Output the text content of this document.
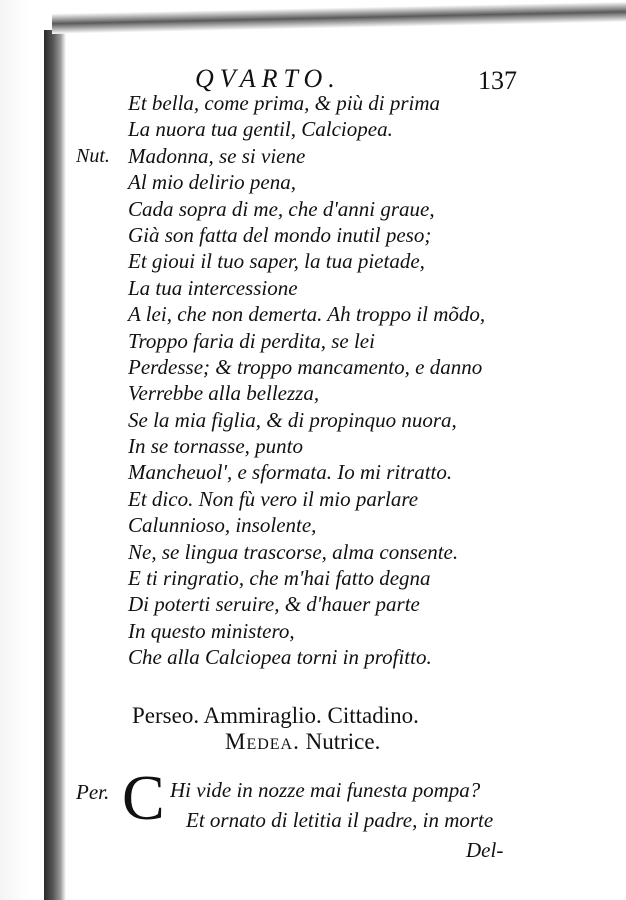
QVARTO.	137
Et bella, come prima, & più di prima
La nuora tua gentil, Calciopea.
Nut. Madonna, se si viene
Al mio delirio pena,
Cada sopra di me, che d'anni graue,
Già son fatta del mondo inutil peso;
Et gioui il tuo saper, la tua pietade,
La tua intercessione
A lei, che non demerta. Ah troppo il mõdo,
Troppo faria di perdita, se lei
Perdesse; & troppo mancamento, e danno
Verrebbe alla bellezza,
Se la mia figlia, & di propinquo nuora,
In se tornasse, punto
Mancheuol', e sformata. Io mi ritratto.
Et dico. Non fù vero il mio parlare
Calunnioso, insolente,
Ne, se lingua trascorse, alma consente.
E ti ringratio, che m'hai fatto degna
Di poterti seruire, & d'hauer parte
In questo ministero,
Che alla Calciopea torni in profitto.
Perseo. Ammiraglio. Cittadino.
Medea. Nutrice.
Per. C Hi vide in nozze mai funesta pompa?
Et ornato di letitia il padre, in morte
Del-
